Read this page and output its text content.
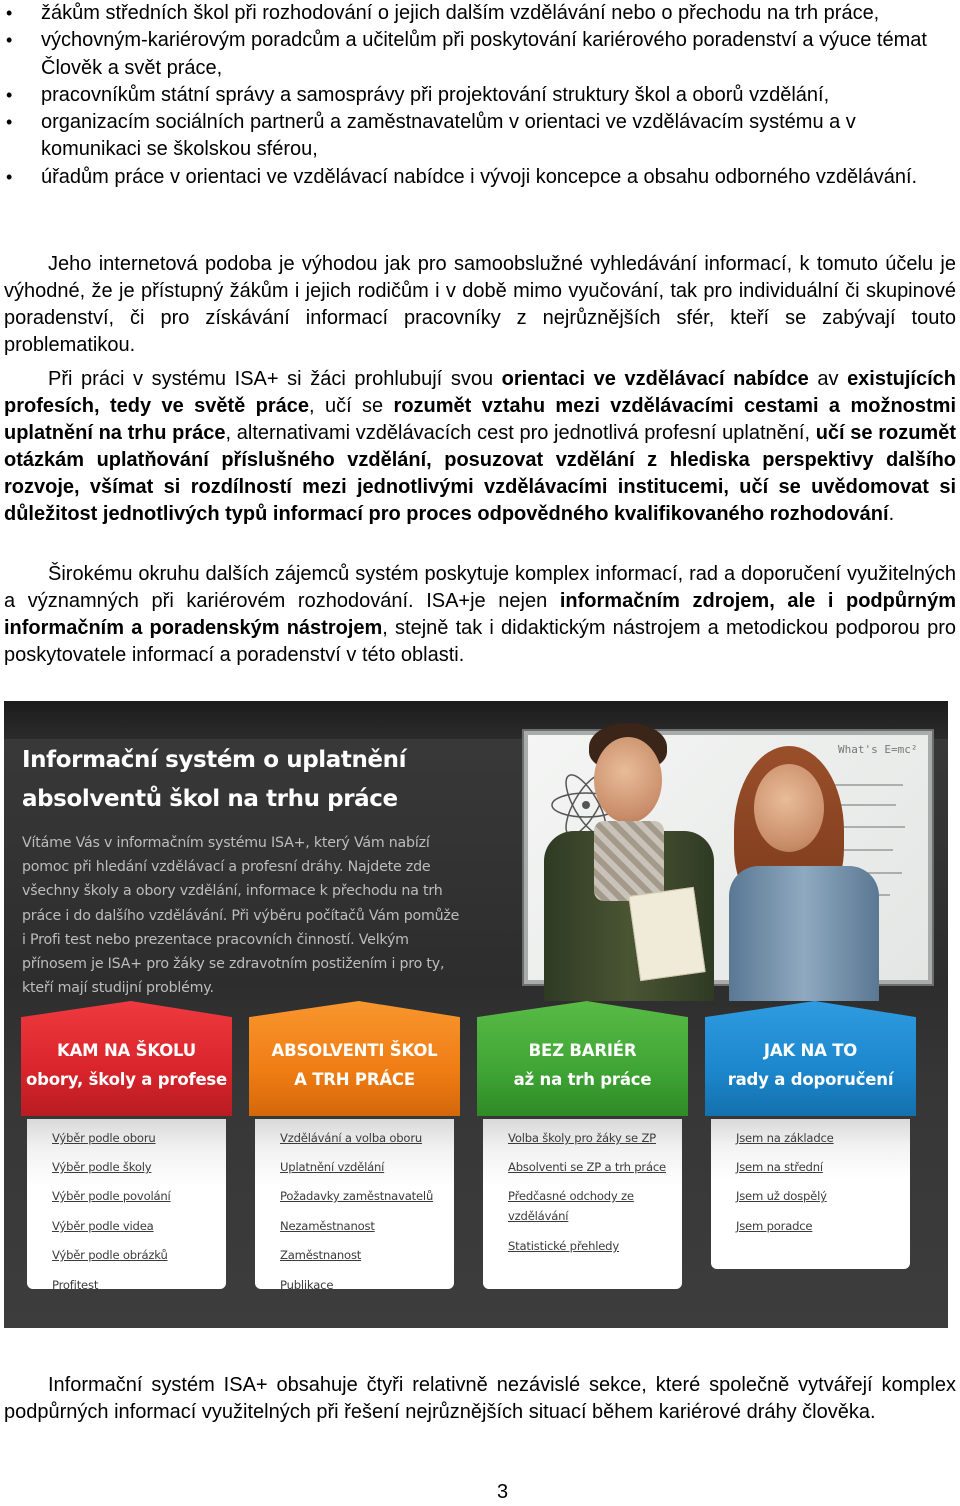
• žákům středních škol při rozhodování o jejich dalším vzdělávání nebo o přechodu na trh práce,
• výchovným-kariérovým poradcům a učitelům při poskytování kariérového poradenství a výuce témat Člověk a svět práce,
• pracovníkům státní správy a samosprávy při projektování struktury škol a oborů vzdělání,
• organizacím sociálních partnerů a zaměstnavatelům v orientaci ve vzdělávacím systému a v komunikaci se školskou sférou,
• úřadům práce v orientaci ve vzdělávací nabídce i vývoji koncepce a obsahu odborného vzdělávání.

Jeho internetová podoba je výhodou jak pro samoobslužné vyhledávání informací, k tomuto účelu je výhodné, že je přístupný žákům i jejich rodičům i v době mimo vyučování, tak pro individuální či skupinové poradenství, či pro získávání informací pracovníky z nejrůznějších sfér, kteří se zabývají touto problematikou.

Při práci v systému ISA+ si žáci prohlubují svou orientaci ve vzdělávací nabídce av existujících profesích, tedy ve světě práce, učí se rozumět vztahu mezi vzdělávacími cestami a možnostmi uplatnění na trhu práce, alternativami vzdělávacích cest pro jednotlivá profesní uplatnění, učí se rozumět otázkám uplatňování příslušného vzdělání, posuzovat vzdělání z hlediska perspektivy dalšího rozvoje, všímat si rozdílností mezi jednotlivými vzdělávacími institucemi, učí se uvědomovat si důležitost jednotlivých typů informací pro proces odpovědného kvalifikovaného rozhodování.

Širokému okruhu dalších zájemců systém poskytuje komplex informací, rad a doporučení využitelných a významných při kariérovém rozhodování. ISA+je nejen informačním zdrojem, ale i podpůrným informačním a poradenským nástrojem, stejně tak i didaktickým nástrojem a metodickou podporou pro poskytovatele informací a poradenství v této oblasti.

What's E=mc²
Informační systém o uplatnění
absolventů škol na trhu práce

Vítáme Vás v informačním systému ISA+, který Vám nabízí pomoc při hledání vzdělávací a profesní dráhy. Najdete zde všechny školy a obory vzdělání, informace k přechodu na trh práce i do dalšího vzdělávání. Při výběru počítačů Vám pomůže i Profi test nebo prezentace pracovních činností. Velkým přínosem je ISA+ pro žáky se zdravotním postižením i pro ty, kteří mají studijní problémy.

KAM NA ŠKOLU
obory, školy a profese
Výběr podle oboru
Výběr podle školy
Výběr podle povolání
Výběr podle videa
Výběr podle obrázků
Profitest
ABSOLVENTI ŠKOL
A TRH PRÁCE
Vzdělávání a volba oboru
Uplatnění vzdělání
Požadavky zaměstnavatelů
Nezaměstnanost
Zaměstnanost
Publikace
BEZ BARIÉR
až na trh práce
Volba školy pro žáky se ZP
Absolventi se ZP a trh práce
Předčasné odchody ze
vzdělávání
Statistické přehledy
JAK NA TO
rady a doporučení
Jsem na základce
Jsem na střední
Jsem už dospělý
Jsem poradce

Informační systém ISA+ obsahuje čtyři relativně nezávislé sekce, které společně vytvářejí komplex podpůrných informací využitelných při řešení nejrůznějších situací během kariérové dráhy člověka.

3
